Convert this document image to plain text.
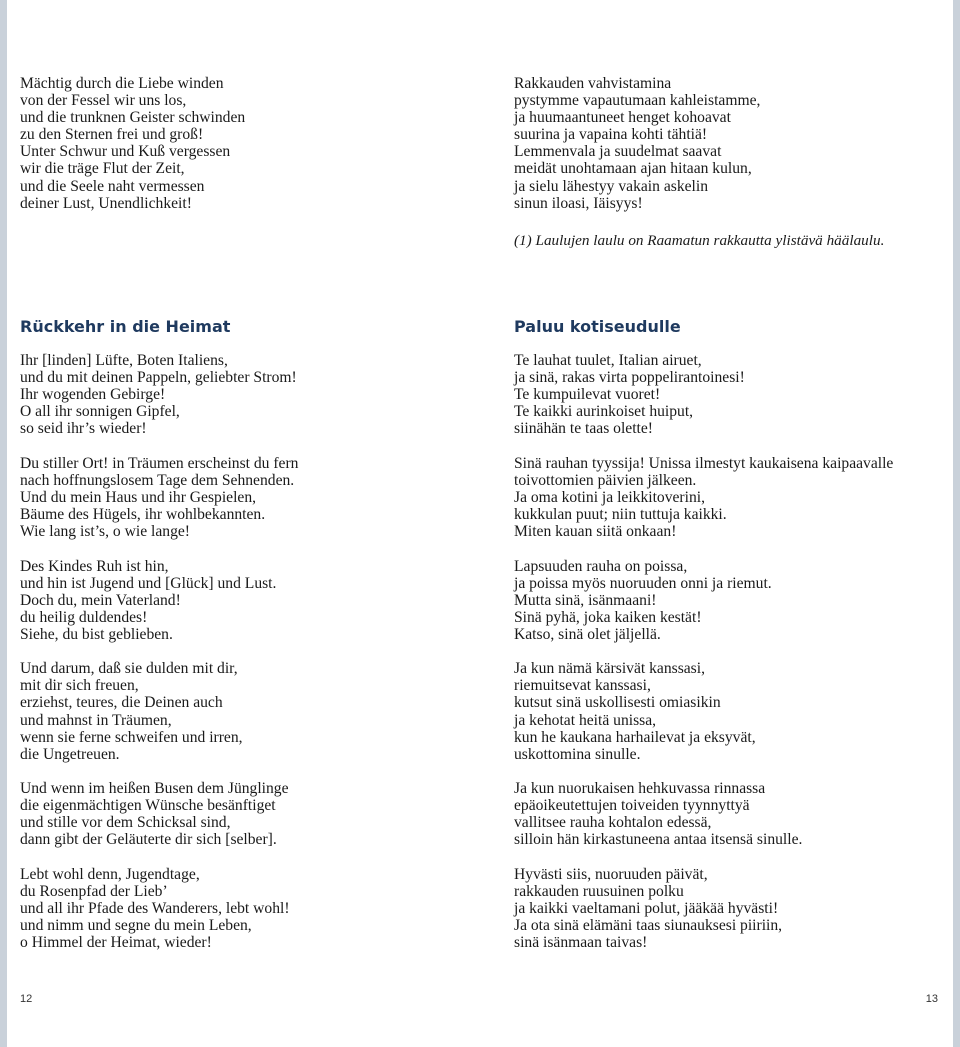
Mächtig durch die Liebe winden

von der Fessel wir uns los,

und die trunknen Geister schwinden

zu den Sternen frei und groß!

Unter Schwur und Kuß vergessen

wir die träge Flut der Zeit,

und die Seele naht vermessen

deiner Lust, Unendlichkeit!

Rakkauden vahvistamina

pystymme vapautumaan kahleistamme,

ja huumaantuneet henget kohoavat

suurina ja vapaina kohti tähtiä!

Lemmenvala ja suudelmat saavat

meidät unohtamaan ajan hitaan kulun,

ja sielu lähestyy vakain askelin

sinun iloasi, Iäisyys!

(1) Laulujen laulu on Raamatun rakkautta ylistävä häälaulu.
Rückkehr in die Heimat	Paluu kotiseudulle

Ihr [linden] Lüfte, Boten Italiens,

und du mit deinen Pappeln, geliebter Strom!

Ihr wogenden Gebirge!

O all ihr sonnigen Gipfel,

so seid ihr’s wieder!

Du stiller Ort! in Träumen erscheinst du fern

nach hoffnungslosem Tage dem Sehnenden.

Und du mein Haus und ihr Gespielen,

Bäume des Hügels, ihr wohlbekannten.

Wie lang ist’s, o wie lange!

Des Kindes Ruh ist hin,

und hin ist Jugend und [Glück] und Lust.

Doch du, mein Vaterland!

du heilig duldendes!

Siehe, du bist geblieben.

Und darum, daß sie dulden mit dir,

mit dir sich freuen,

erziehst, teures, die Deinen auch

und mahnst in Träumen,

wenn sie ferne schweifen und irren,

die Ungetreuen.

Und wenn im heißen Busen dem Jünglinge

die eigenmächtigen Wünsche besänftiget

und stille vor dem Schicksal sind,

dann gibt der Geläuterte dir sich [selber].

Lebt wohl denn, Jugendtage,

du Rosenpfad der Lieb’

und all ihr Pfade des Wanderers, lebt wohl!

und nimm und segne du mein Leben,

o Himmel der Heimat, wieder!

Te lauhat tuulet, Italian airuet,

ja sinä, rakas virta poppelirantoinesi!

Te kumpuilevat vuoret!

Te kaikki aurinkoiset huiput,

siinähän te taas olette!

Sinä rauhan tyyssija! Unissa ilmestyt kaukaisena kaipaavalle

toivottomien päivien jälkeen.

Ja oma kotini ja leikkitoverini,

kukkulan puut; niin tuttuja kaikki.

Miten kauan siitä onkaan!

Lapsuuden rauha on poissa,

ja poissa myös nuoruuden onni ja riemut.

Mutta sinä, isänmaani!

Sinä pyhä, joka kaiken kestät!

Katso, sinä olet jäljellä.

Ja kun nämä kärsivät kanssasi,

riemuitsevat kanssasi,

kutsut sinä uskollisesti omiasikin

ja kehotat heitä unissa,

kun he kaukana harhailevat ja eksyvät,

uskottomina sinulle.

Ja kun nuorukaisen hehkuvassa rinnassa

epäoikeutettujen toiveiden tyynnyttyä

vallitsee rauha kohtalon edessä,

silloin hän kirkastuneena antaa itsensä sinulle.

Hyvästi siis, nuoruuden päivät,

rakkauden ruusuinen polku

ja kaikki vaeltamani polut, jääkää hyvästi!

Ja ota sinä elämäni taas siunauksesi piiriin,

sinä isänmaan taivas!

12	13
